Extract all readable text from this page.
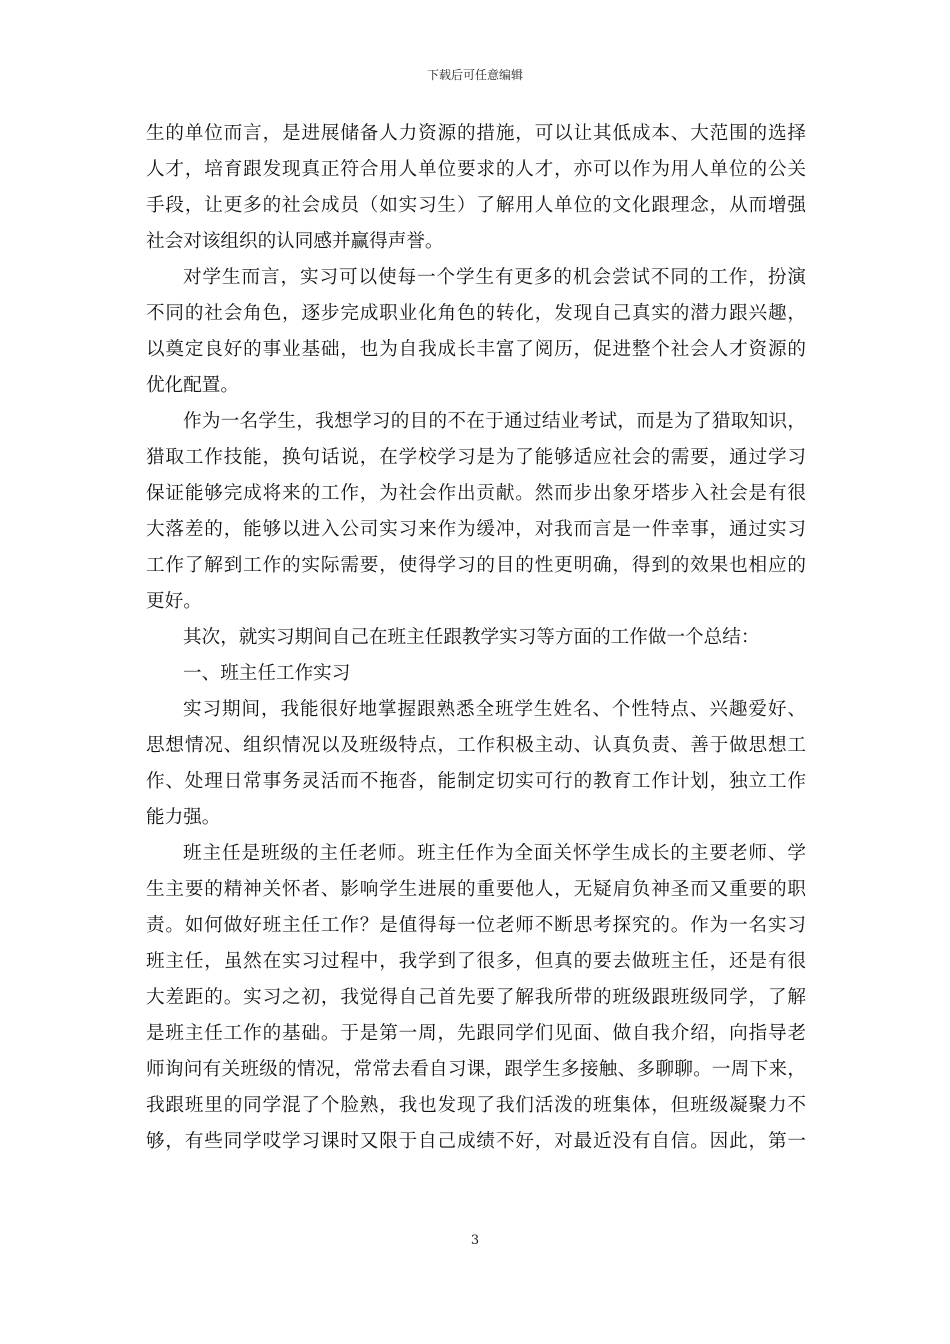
下载后可任意编辑
生的单位而言，是进展储备人力资源的措施，可以让其低成本、大范围的选择
人才，培育跟发现真正符合用人单位要求的人才，亦可以作为用人单位的公关
手段，让更多的社会成员（如实习生）了解用人单位的文化跟理念，从而增强
社会对该组织的认同感并赢得声誉。
对学生而言，实习可以使每一个学生有更多的机会尝试不同的工作，扮演
不同的社会角色，逐步完成职业化角色的转化，发现自己真实的潜力跟兴趣，
以奠定良好的事业基础，也为自我成长丰富了阅历，促进整个社会人才资源的
优化配置。
作为一名学生，我想学习的目的不在于通过结业考试，而是为了猎取知识，
猎取工作技能，换句话说，在学校学习是为了能够适应社会的需要，通过学习
保证能够完成将来的工作，为社会作出贡献。然而步出象牙塔步入社会是有很
大落差的，能够以进入公司实习来作为缓冲，对我而言是一件幸事，通过实习
工作了解到工作的实际需要，使得学习的目的性更明确，得到的效果也相应的
更好。
其次，就实习期间自己在班主任跟教学实习等方面的工作做一个总结：
一、班主任工作实习
实习期间，我能很好地掌握跟熟悉全班学生姓名、个性特点、兴趣爱好、
思想情况、组织情况以及班级特点，工作积极主动、认真负责、善于做思想工
作、处理日常事务灵活而不拖沓，能制定切实可行的教育工作计划，独立工作
能力强。
班主任是班级的主任老师。班主任作为全面关怀学生成长的主要老师、学
生主要的精神关怀者、影响学生进展的重要他人，无疑肩负神圣而又重要的职
责。如何做好班主任工作？是值得每一位老师不断思考探究的。作为一名实习
班主任，虽然在实习过程中，我学到了很多，但真的要去做班主任，还是有很
大差距的。实习之初，我觉得自己首先要了解我所带的班级跟班级同学，了解
是班主任工作的基础。于是第一周，先跟同学们见面、做自我介绍，向指导老
师询问有关班级的情况，常常去看自习课，跟学生多接触、多聊聊。一周下来，
我跟班里的同学混了个脸熟，我也发现了我们活泼的班集体，但班级凝聚力不
够，有些同学哎学习课时又限于自己成绩不好，对最近没有自信。因此，第一
3
